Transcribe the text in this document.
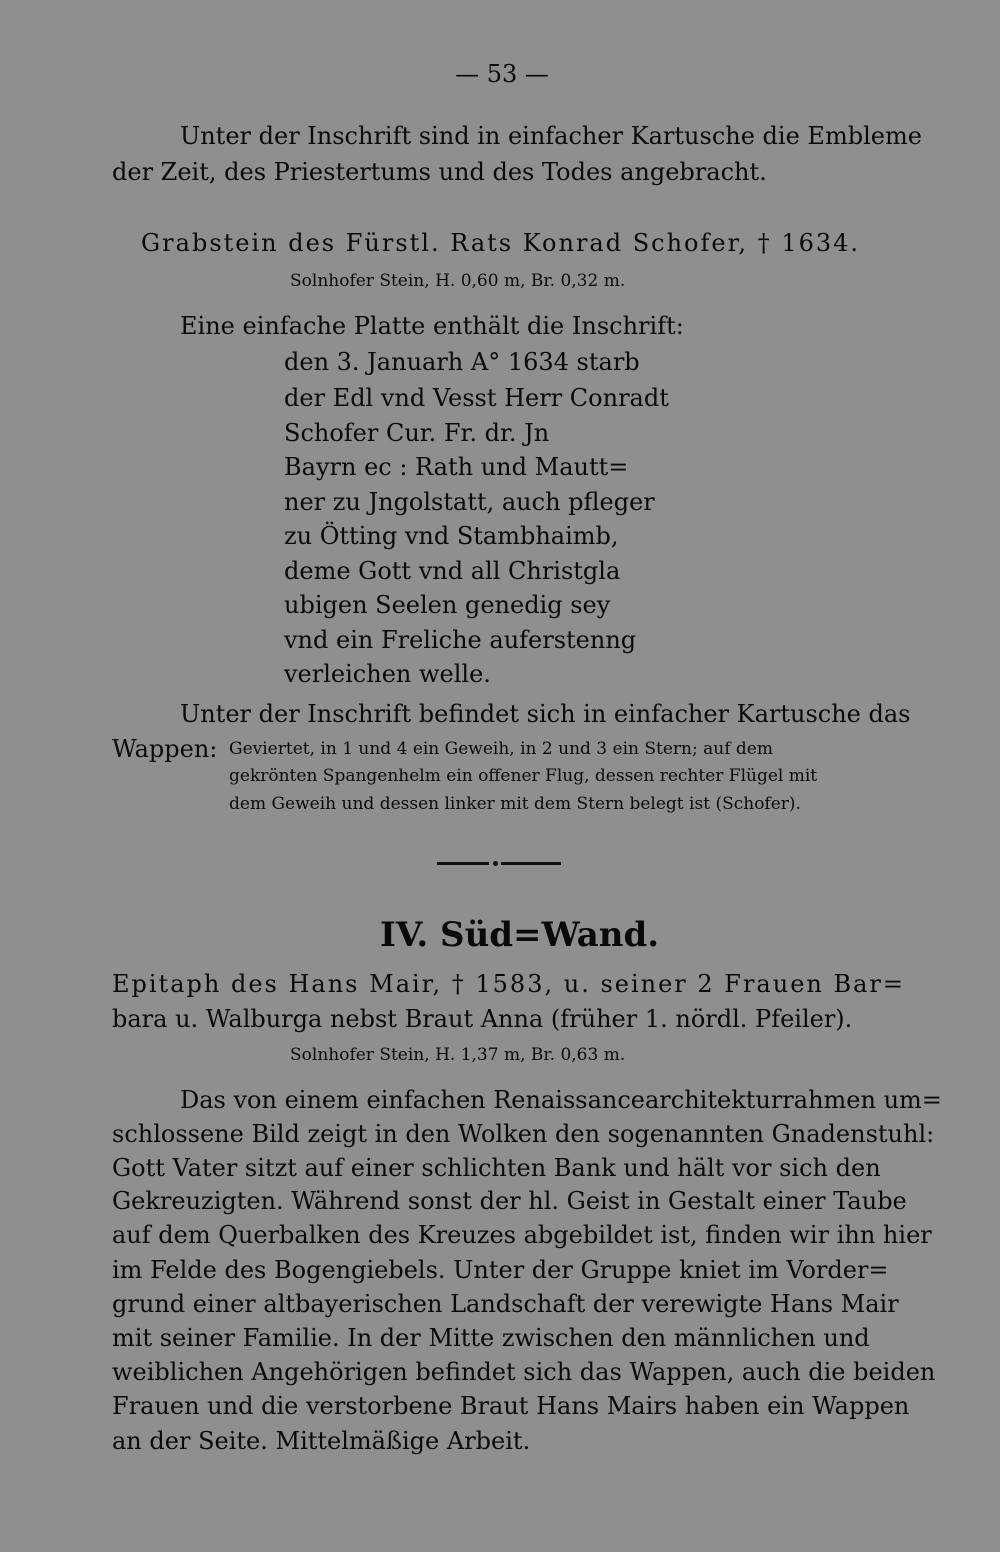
— 53 —
Unter der Inschrift sind in einfacher Kartusche die Embleme
der Zeit, des Priestertums und des Todes angebracht.
Grabstein des Fürstl. Rats Konrad Schofer, † 1634.
Solnhofer Stein, H. 0,60 m, Br. 0,32 m.
Eine einfache Platte enthält die Inschrift:
den 3. Januarh A° 1634 starb
der Edl vnd Vesst Herr Conradt
Schofer Cur. Fr. dr. Jn
Bayrn ec : Rath und Mautt=
ner zu Jngolstatt, auch pfleger
zu Ötting vnd Stambhaimb,
deme Gott vnd all Christgla
ubigen Seelen genedig sey
vnd ein Freliche auferstenng
verleichen welle.
Unter der Inschrift befindet sich in einfacher Kartusche das
Wappen: Geviertet, in 1 und 4 ein Geweih, in 2 und 3 ein Stern; auf dem
gekrönten Spangenhelm ein offener Flug, dessen rechter Flügel mit
dem Geweih und dessen linker mit dem Stern belegt ist (Schofer).
IV. Süd=Wand.
Epitaph des Hans Mair, † 1583, u. seiner 2 Frauen Bar=
bara u. Walburga nebst Braut Anna (früher 1. nördl. Pfeiler).
Solnhofer Stein, H. 1,37 m, Br. 0,63 m.
Das von einem einfachen Renaissancearchitekturrahmen um=
schlossene Bild zeigt in den Wolken den sogenannten Gnadenstuhl:
Gott Vater sitzt auf einer schlichten Bank und hält vor sich den
Gekreuzigten. Während sonst der hl. Geist in Gestalt einer Taube
auf dem Querbalken des Kreuzes abgebildet ist, finden wir ihn hier
im Felde des Bogengiebels. Unter der Gruppe kniet im Vorder=
grund einer altbayerischen Landschaft der verewigte Hans Mair
mit seiner Familie. In der Mitte zwischen den männlichen und
weiblichen Angehörigen befindet sich das Wappen, auch die beiden
Frauen und die verstorbene Braut Hans Mairs haben ein Wappen
an der Seite. Mittelmäßige Arbeit.
